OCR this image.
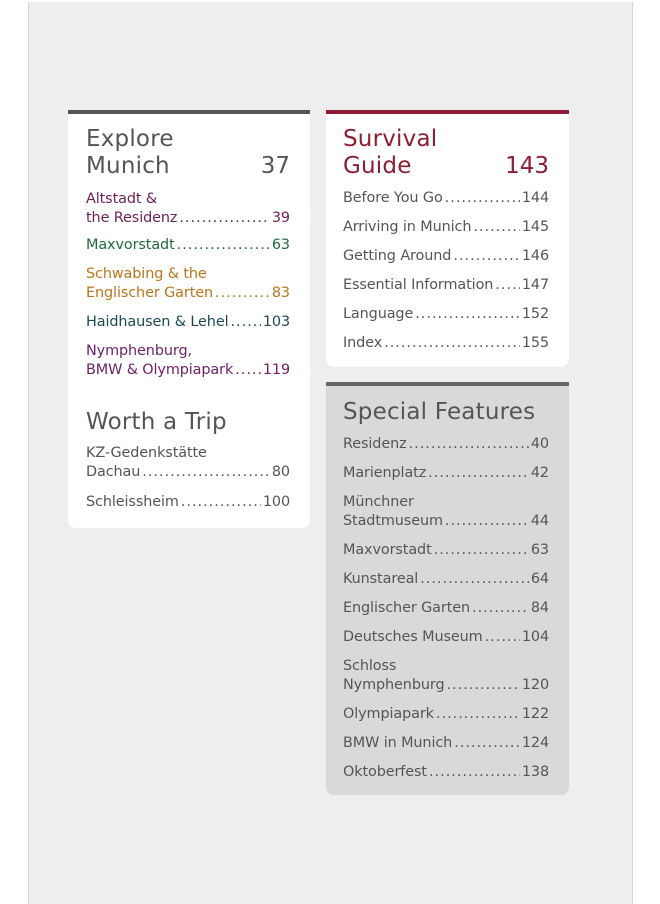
Explore
Munich	37
Altstadt &
the Residenz .....	39
Maxvorstadt .....	63
Schwabing & the
Englischer Garten .....	83
Haidhausen & Lehel ..... 103
Nymphenburg,
BMW & Olympiapark ..... 119
Worth a Trip
KZ-Gedenkstätte
Dachau .....	80
Schleissheim .....	100
Survival
Guide	143
Before You Go .....	144
Arriving in Munich .....	145
Getting Around .....	146
Essential Information ..... 147
Language .....	152
Index .....	155
Special Features
Residenz .....	40
Marienplatz .....	42
Münchner
Stadtmuseum .....	44
Maxvorstadt .....	63
Kunstareal .....	64
Englischer Garten .....	84
Deutsches Museum .....	104
Schloss
Nymphenburg .....	120
Olympiapark .....	122
BMW in Munich .....	124
Oktoberfest .....	138
